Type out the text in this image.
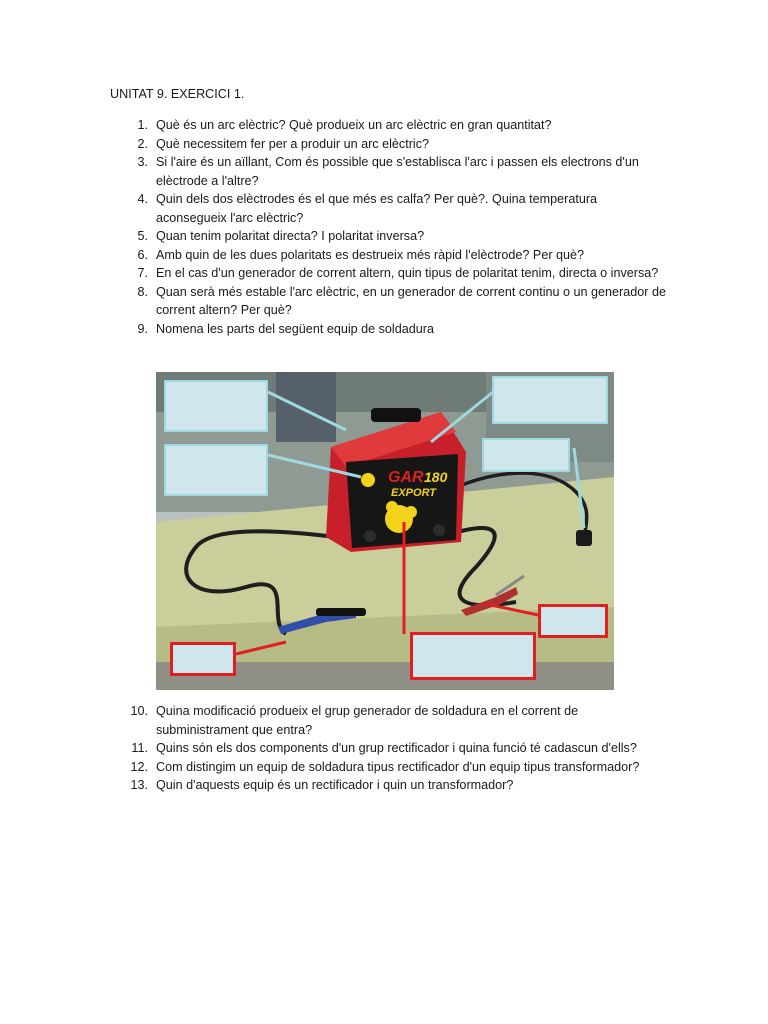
UNITAT 9. EXERCICI 1.
1. Què és un arc elèctric? Què produeix un arc elèctric en gran quantitat?
2. Què necessitem fer per a produir un arc elèctric?
3. Si l'aire és un aïllant, Com és possible que s'establisca l'arc i passen els electrons d'un elèctrode a l'altre?
4. Quin dels dos elèctrodes és el que més es calfa? Per què?. Quina temperatura aconsegueix l'arc elèctric?
5. Quan tenim polaritat directa? I polaritat inversa?
6. Amb quin de les dues polaritats es destrueix més ràpid l'elèctrode? Per què?
7. En el cas d'un generador de corrent altern, quin tipus de polaritat tenim, directa o inversa?
8. Quan serà més estable l'arc elèctric, en un generador de corrent continu o un generador de corrent altern? Per què?
9. Nomena les parts del següent equip de soldadura
GAR 180
EXPORT
10. Quina modificació produeix el grup generador de soldadura en el corrent de subministrament que entra?
11. Quins són els dos components d'un grup rectificador i quina funció té cadascun d'ells?
12. Com distingim un equip de soldadura tipus rectificador d'un equip tipus transformador?
13. Quin d'aquests equip és un rectificador i quin un transformador?
